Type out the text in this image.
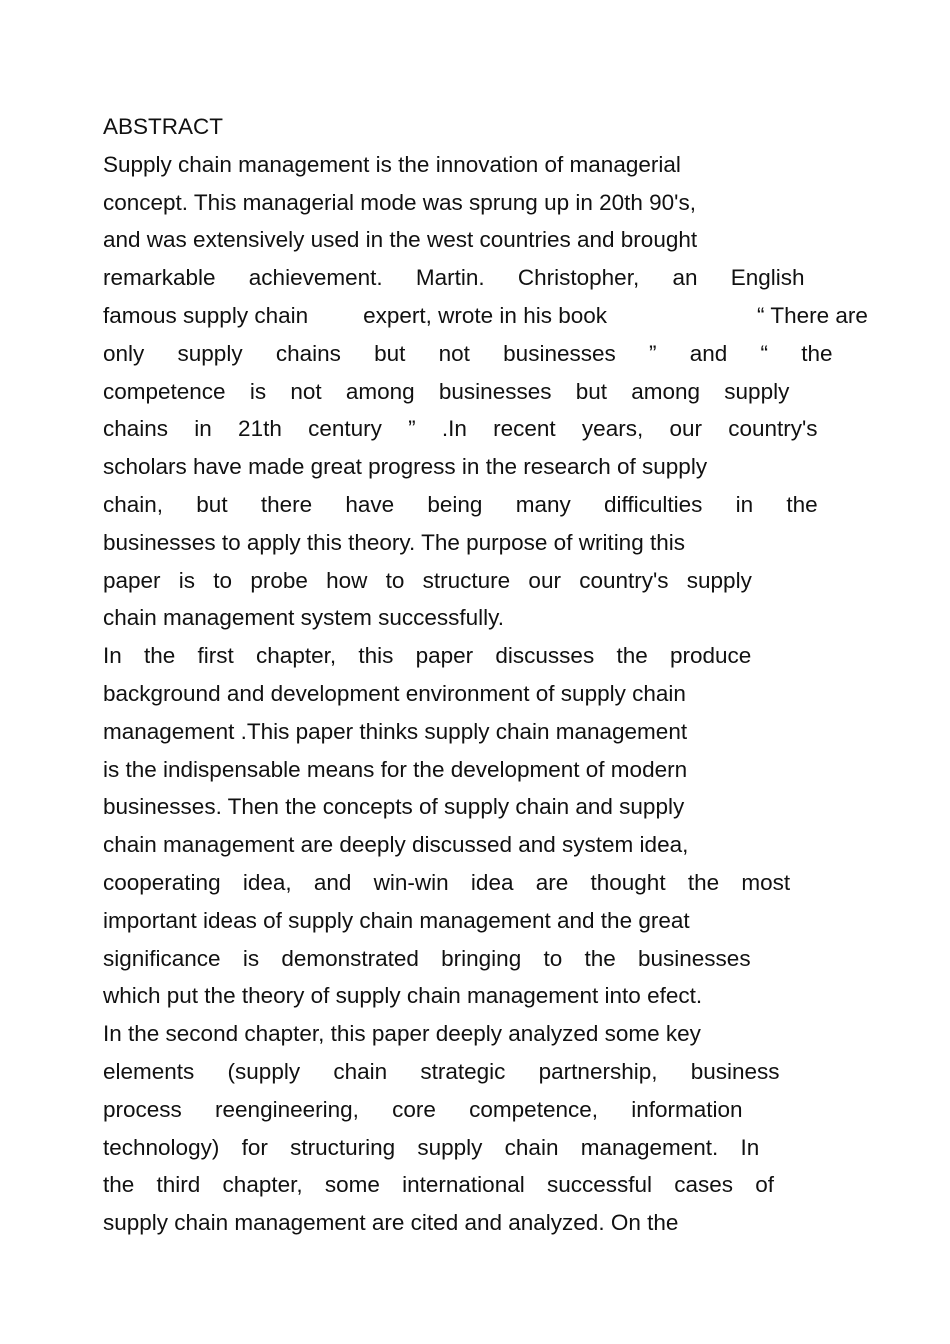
ABSTRACT
Supply chain management is the innovation of managerial
concept. This managerial mode was sprung up in 20th 90's,
and was extensively used in the west countries and brought
remarkable achievement. Martin. Christopher, an English
famous supply chain expert, wrote in his book	“ There are
only supply chains but not businesses ” and “ the
competence is not among businesses but among supply
chains in 21th century ” .In recent years, our country's
scholars have made great progress in the research of supply
chain, but there have being many difficulties in the
businesses to apply this theory. The purpose of writing this
paper is to probe how to structure our country's supply
chain management system successfully.
In the first chapter, this paper discusses the produce
background and development environment of supply chain
management .This paper thinks supply chain management
is the indispensable means for the development of modern
businesses. Then the concepts of supply chain and supply
chain management are deeply discussed and system idea,
cooperating idea, and win-win idea are thought the most
important ideas of supply chain management and the great
significance is demonstrated bringing to the businesses
which put the theory of supply chain management into efect.
In the second chapter, this paper deeply analyzed some key
elements (supply chain strategic partnership, business
process reengineering, core competence, information
technology) for structuring supply chain management. In
the third chapter, some international successful cases of
supply chain management are cited and analyzed. On the
